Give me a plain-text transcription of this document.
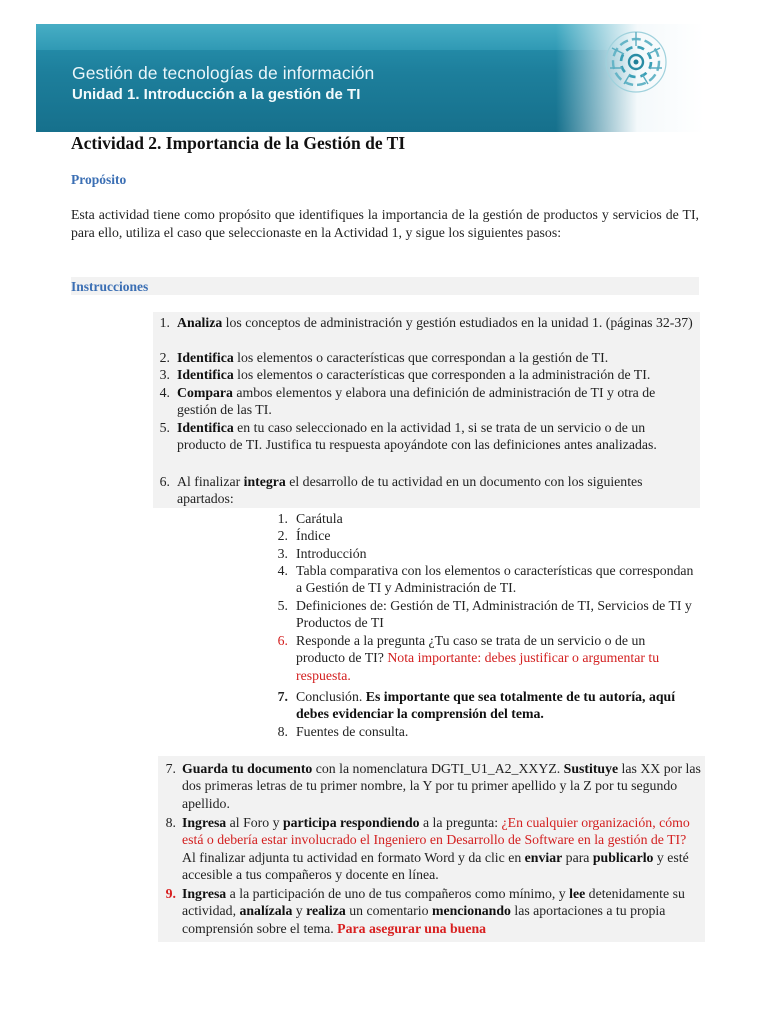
Gestión de tecnologías de información
Unidad 1. Introducción a la gestión de TI
Actividad 2. Importancia de la Gestión de TI
Propósito
Esta actividad tiene como propósito que identifiques la importancia de la gestión de productos y servicios de TI, para ello, utiliza el caso que seleccionaste en la Actividad 1, y sigue los siguientes pasos:
Instrucciones
1. Analiza los conceptos de administración y gestión estudiados en la unidad 1. (páginas 32-37)
2. Identifica los elementos o características que correspondan a la gestión de TI.
3. Identifica los elementos o características que corresponden a la administración de TI.
4. Compara ambos elementos y elabora una definición de administración de TI y otra de gestión de las TI.
5. Identifica en tu caso seleccionado en la actividad 1, si se trata de un servicio o de un producto de TI. Justifica tu respuesta apoyándote con las definiciones antes analizadas.
6. Al finalizar integra el desarrollo de tu actividad en un documento con los siguientes apartados:
1. Carátula
2. Índice
3. Introducción
4. Tabla comparativa con los elementos o características que correspondan a Gestión de TI y Administración de TI.
5. Definiciones de: Gestión de TI, Administración de TI, Servicios de TI y Productos de TI
6. Responde a la pregunta ¿Tu caso se trata de un servicio o de un producto de TI? Nota importante: debes justificar o argumentar tu respuesta.
7. Conclusión. Es importante que sea totalmente de tu autoría, aquí debes evidenciar la comprensión del tema.
8. Fuentes de consulta.
7. Guarda tu documento con la nomenclatura DGTI_U1_A2_XXYZ. Sustituye las XX por las dos primeras letras de tu primer nombre, la Y por tu primer apellido y la Z por tu segundo apellido.
8. Ingresa al Foro y participa respondiendo a la pregunta: ¿En cualquier organización, cómo está o debería estar involucrado el Ingeniero en Desarrollo de Software en la gestión de TI? Al finalizar adjunta tu actividad en formato Word y da clic en enviar para publicarlo y esté accesible a tus compañeros y docente en línea.
9. Ingresa a la participación de uno de tus compañeros como mínimo, y lee detenidamente su actividad, analízala y realiza un comentario mencionando las aportaciones a tu propia comprensión sobre el tema. Para asegurar una buena
